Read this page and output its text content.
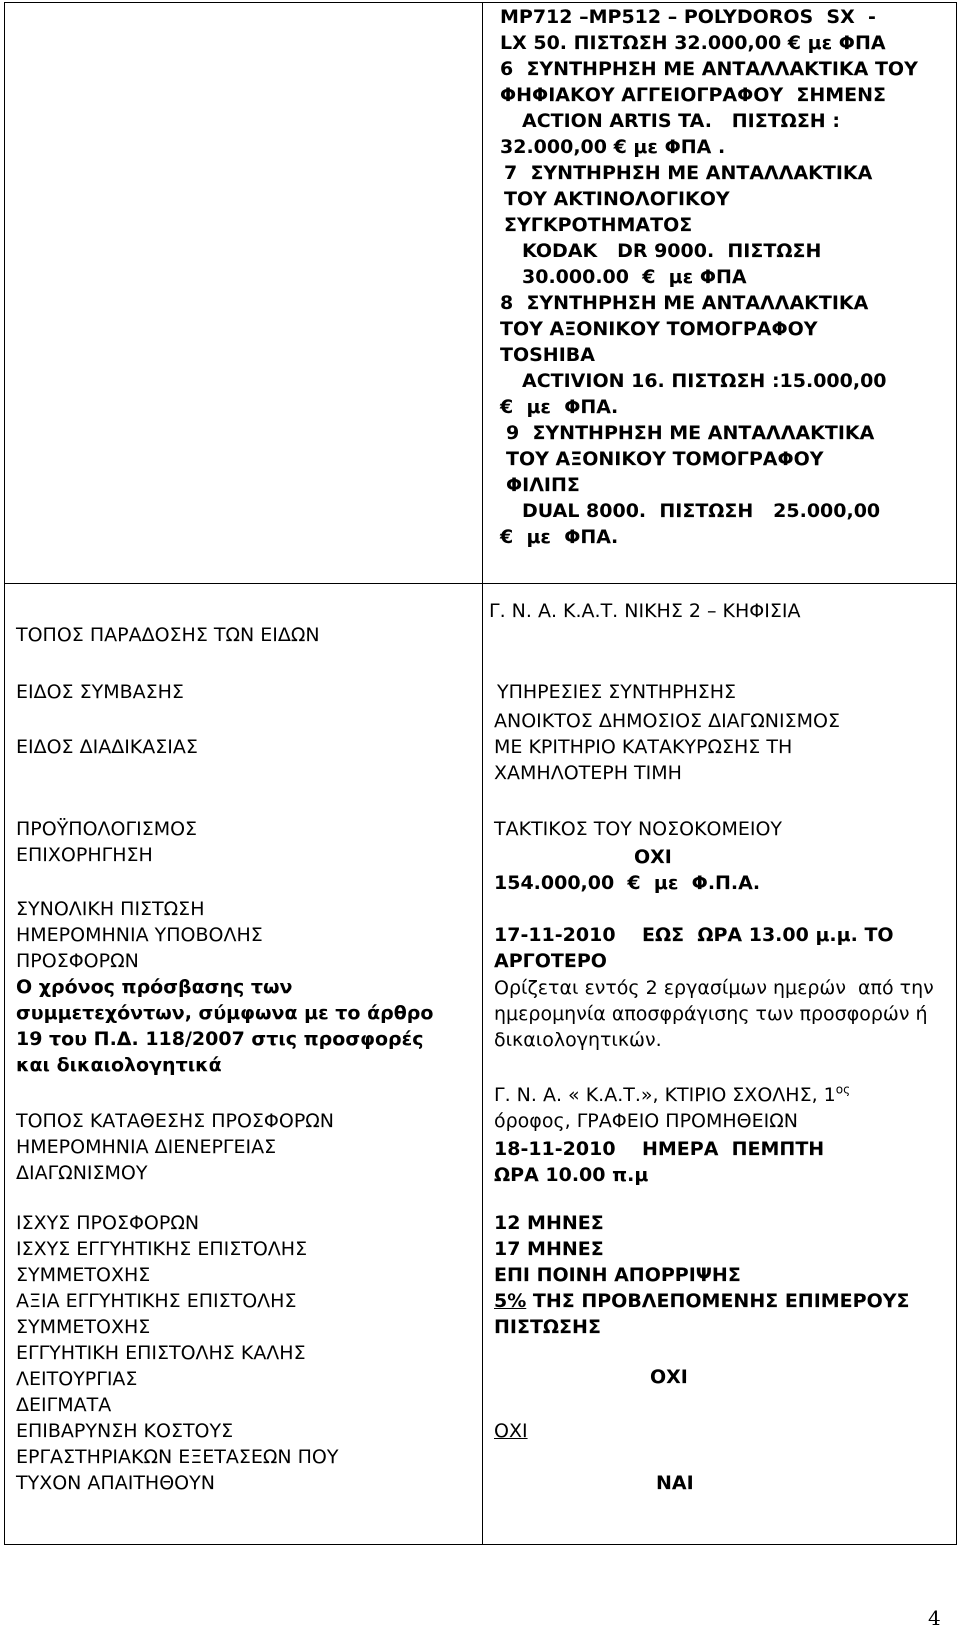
MP712 –MP512 – POLYDOROS  SX  -

LX 50. ΠΙΣΤΩΣΗ 32.000,00 € με ΦΠΑ

6  ΣΥΝΤΗΡΗΣΗ ΜΕ ΑΝΤΑΛΛΑΚΤΙΚΑ ΤΟΥ

ΦΗΦΙΑΚΟΥ ΑΓΓΕΙΟΓΡΑΦΟΥ  ΣΗΜΕΝΣ

ACTION ARTIS TA.   ΠΙΣΤΩΣΗ :

32.000,00 € με ΦΠΑ .

7  ΣΥΝΤΗΡΗΣΗ ΜΕ ΑΝΤΑΛΛΑΚΤΙΚΑ

ΤΟΥ ΑΚΤΙΝΟΛΟΓΙΚΟΥ

ΣΥΓΚΡΟΤΗΜΑΤΟΣ

KODAK   DR 9000.  ΠΙΣΤΩΣΗ

30.000.00  €  με ΦΠΑ

8  ΣΥΝΤΗΡΗΣΗ ΜΕ ΑΝΤΑΛΛΑΚΤΙΚΑ

ΤΟΥ ΑΞΟΝΙΚΟΥ ΤΟΜΟΓΡΑΦΟΥ

TOSHIBA

ACTIVION 16. ΠΙΣΤΩΣΗ :15.000,00

€  με  ΦΠΑ.

9  ΣΥΝΤΗΡΗΣΗ ΜΕ ΑΝΤΑΛΛΑΚΤΙΚΑ

ΤΟΥ ΑΞΟΝΙΚΟΥ ΤΟΜΟΓΡΑΦΟΥ

ΦΙΛΙΠΣ

DUAL 8000.  ΠΙΣΤΩΣΗ   25.000,00

€  με  ΦΠΑ.

ΤΟΠΟΣ ΠΑΡΑΔΟΣΗΣ ΤΩΝ ΕΙΔΩΝ

ΕΙΔΟΣ ΣΥΜΒΑΣΗΣ

ΕΙΔΟΣ ΔΙΑΔΙΚΑΣΙΑΣ

ΠΡΟΫΠΟΛΟΓΙΣΜΟΣ

ΕΠΙΧΟΡΗΓΗΣΗ

ΣΥΝΟΛΙΚΗ ΠΙΣΤΩΣΗ

ΗΜΕΡΟΜΗΝΙΑ ΥΠΟΒΟΛΗΣ

ΠΡΟΣΦΟΡΩΝ

Ο χρόνος πρόσβασης των

συμμετεχόντων, σύμφωνα με το άρθρο

19 του Π.Δ. 118/2007 στις προσφορές

και δικαιολογητικά

ΤΟΠΟΣ ΚΑΤΑΘΕΣΗΣ ΠΡΟΣΦΟΡΩΝ

ΗΜΕΡΟΜΗΝΙΑ ΔΙΕΝΕΡΓΕΙΑΣ

ΔΙΑΓΩΝΙΣΜΟΥ

ΙΣΧΥΣ ΠΡΟΣΦΟΡΩΝ

ΙΣΧΥΣ ΕΓΓΥΗΤΙΚΗΣ ΕΠΙΣΤΟΛΗΣ

ΣΥΜΜΕΤΟΧΗΣ

ΑΞΙΑ ΕΓΓΥΗΤΙΚΗΣ ΕΠΙΣΤΟΛΗΣ

ΣΥΜΜΕΤΟΧΗΣ

ΕΓΓΥΗΤΙΚΗ ΕΠΙΣΤΟΛΗΣ ΚΑΛΗΣ

ΛΕΙΤΟΥΡΓΙΑΣ

ΔΕΙΓΜΑΤΑ

ΕΠΙΒΑΡΥΝΣΗ ΚΟΣΤΟΥΣ

ΕΡΓΑΣΤΗΡΙΑΚΩΝ ΕΞΕΤΑΣΕΩΝ ΠΟΥ

ΤΥΧΟΝ ΑΠΑΙΤΗΘΟΥΝ

Γ. Ν. Α. Κ.Α.Τ. ΝΙΚΗΣ 2 – ΚΗΦΙΣΙΑ

ΥΠΗΡΕΣΙΕΣ ΣΥΝΤΗΡΗΣΗΣ

ΑΝΟΙΚΤΟΣ ΔΗΜΟΣΙΟΣ ΔΙΑΓΩΝΙΣΜΟΣ

ΜΕ ΚΡΙΤΗΡΙΟ ΚΑΤΑΚΥΡΩΣΗΣ ΤΗ

ΧΑΜΗΛΟΤΕΡΗ ΤΙΜΗ

ΤΑΚΤΙΚΟΣ ΤΟΥ ΝΟΣΟΚΟΜΕΙΟΥ

ΟΧΙ

154.000,00  €  με  Φ.Π.Α.

17-11-2010    ΕΩΣ  ΩΡΑ 13.00 μ.μ. ΤΟ

ΑΡΓΟΤΕΡΟ

Ορίζεται εντός 2 εργασίμων ημερών  από την

ημερομηνία αποσφράγισης των προσφορών ή

δικαιολογητικών.

Γ. Ν. Α. « Κ.Α.Τ.», ΚΤΙΡΙΟ ΣΧΟΛΗΣ, $1^{o\varsigma}$

όροφος, ΓΡΑΦΕΙΟ ΠΡΟΜΗΘΕΙΩΝ

18-11-2010    ΗΜΕΡΑ  ΠΕΜΠΤΗ

ΩΡΑ 10.00 π.μ

12 ΜΗΝΕΣ

17 ΜΗΝΕΣ

ΕΠΙ ΠΟΙΝΗ ΑΠΟΡΡΙΨΗΣ

5% ΤΗΣ ΠΡΟΒΛΕΠΟΜΕΝΗΣ ΕΠΙΜΕΡΟΥΣ

ΠΙΣΤΩΣΗΣ

ΟΧΙ

ΟΧΙ

ΝΑΙ

4
